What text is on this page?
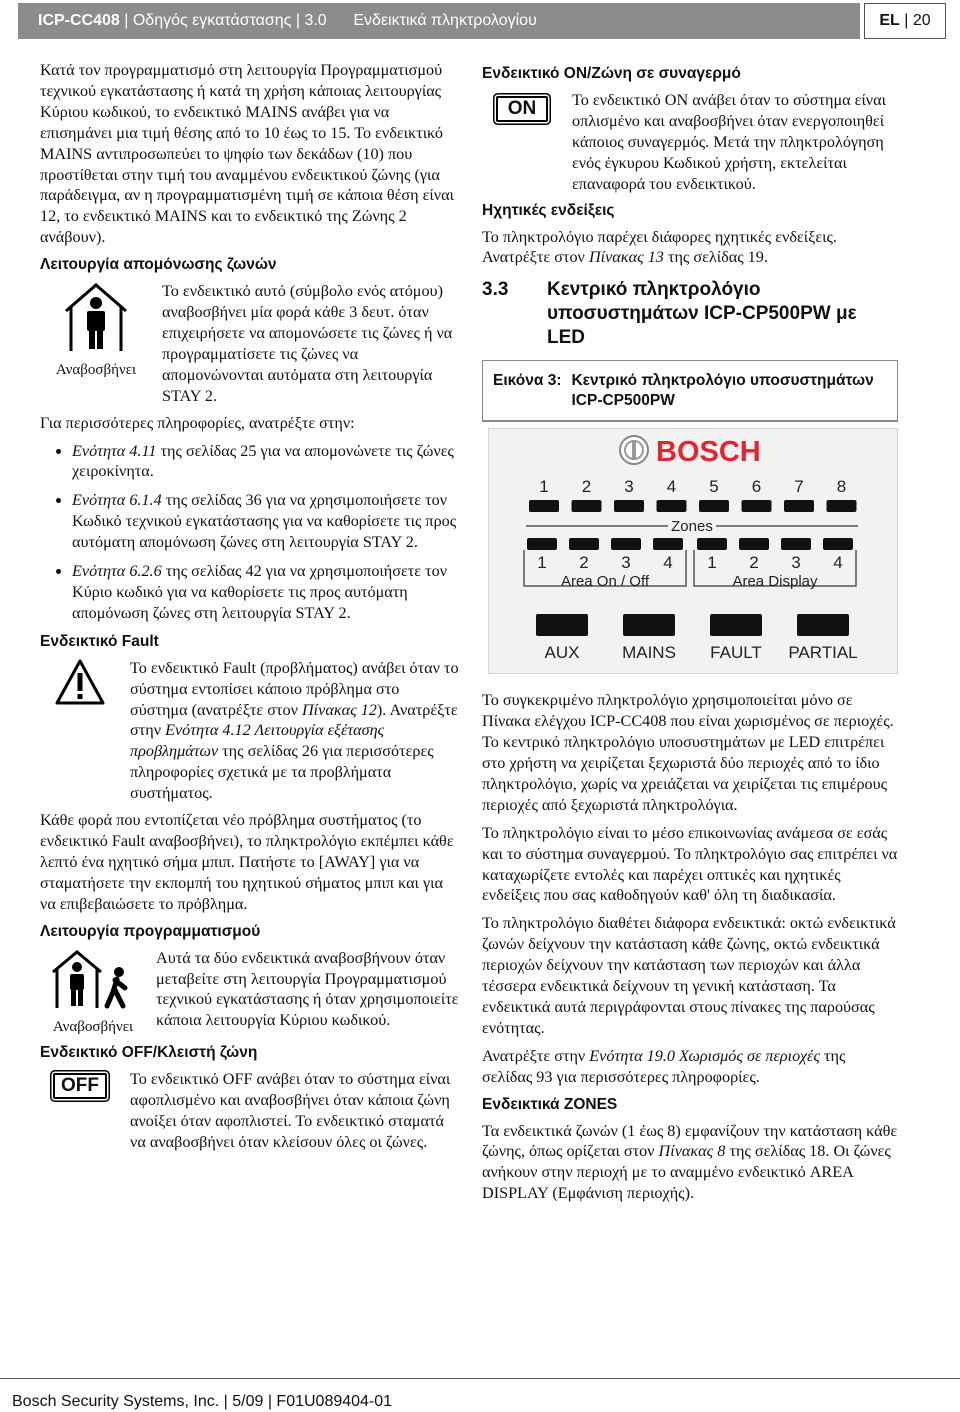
ICP-CC408 | Οδηγός εγκατάστασης | 3.0 Ενδεικτικά πληκτρολογίου	EL | 20

Κατά τον προγραμματισμό στη λειτουργία Προγραμματισμού τεχνικού εγκατάστασης ή κατά τη χρήση κάποιας λειτουργίας Κύριου κωδικού, το ενδεικτικό MAINS ανάβει για να επισημάνει μια τιμή θέσης από το 10 έως το 15. Το ενδεικτικό MAINS αντιπροσωπεύει το ψηφίο των δεκάδων (10) που προστίθεται στην τιμή του αναμμένου ενδεικτικού ζώνης (για παράδειγμα, αν η προγραμματισμένη τιμή σε κάποια θέση είναι 12, το ενδεικτικό MAINS και το ενδεικτικό της Ζώνης 2 ανάβουν).

Λειτουργία απομόνωσης ζωνών
Αναβοσβήνει
Το ενδεικτικό αυτό (σύμβολο ενός ατόμου) αναβοσβήνει μία φορά κάθε 3 δευτ. όταν επιχειρήσετε να απομονώσετε τις ζώνες ή να προγραμματίσετε τις ζώνες να απομονώνονται αυτόματα στη λειτουργία STAY 2.

Για περισσότερες πληροφορίες, ανατρέξτε στην:

• Ενότητα 4.11 της σελίδας 25 για να απομονώνετε τις ζώνες χειροκίνητα.
• Ενότητα 6.1.4 της σελίδας 36 για να χρησιμοποιήσετε τον Κωδικό τεχνικού εγκατάστασης για να καθορίσετε τις προς αυτόματη απομόνωση ζώνες στη λειτουργία STAY 2.
• Ενότητα 6.2.6 της σελίδας 42 για να χρησιμοποιήσετε τον Κύριο κωδικό για να καθορίσετε τις προς αυτόματη απομόνωση ζώνες στη λειτουργία STAY 2.
Ενδεικτικό Fault
Το ενδεικτικό Fault (προβλήματος) ανάβει όταν το σύστημα εντοπίσει κάποιο πρόβλημα στο σύστημα (ανατρέξτε στον Πίνακας 12). Ανατρέξτε στην Ενότητα 4.12 Λειτουργία εξέτασης προβλημάτων της σελίδας 26 για περισσότερες πληροφορίες σχετικά με τα προβλήματα συστήματος.

Κάθε φορά που εντοπίζεται νέο πρόβλημα συστήματος (το ενδεικτικό Fault αναβοσβήνει), το πληκτρολόγιο εκπέμπει κάθε λεπτό ένα ηχητικό σήμα μπιπ. Πατήστε το [AWAY] για να σταματήσετε την εκπομπή του ηχητικού σήματος μπιπ και για να επιβεβαιώσετε το πρόβλημα.

Λειτουργία προγραμματισμού
Αναβοσβήνει
Αυτά τα δύο ενδεικτικά αναβοσβήνουν όταν μεταβείτε στη λειτουργία Προγραμματισμού τεχνικού εγκατάστασης ή όταν χρησιμοποιείτε κάποια λειτουργία Κύριου κωδικού.
Ενδεικτικό OFF/Κλειστή ζώνη
OFF	Το ενδεικτικό OFF ανάβει όταν το σύστημα είναι αφοπλισμένο και αναβοσβήνει όταν κάποια ζώνη ανοίξει όταν αφοπλιστεί. Το ενδεικτικό σταματά να αναβοσβήνει όταν κλείσουν όλες οι ζώνες.
Ενδεικτικό ON/Ζώνη σε συναγερμό
ON	Το ενδεικτικό ON ανάβει όταν το σύστημα είναι οπλισμένο και αναβοσβήνει όταν ενεργοποιηθεί κάποιος συναγερμός. Μετά την πληκτρολόγηση ενός έγκυρου Κωδικού χρήστη, εκτελείται επαναφορά του ενδεικτικού.
Ηχητικές ενδείξεις

Το πληκτρολόγιο παρέχει διάφορες ηχητικές ενδείξεις. Ανατρέξτε στον Πίνακας 13 της σελίδας 19.

3.3	Κεντρικό πληκτρολόγιο υποσυστημάτων ICP-CP500PW με LED
Εικόνα 3: Κεντρικό πληκτρολόγιο υποσυστημάτων ICP-CP500PW
BOSCH
1 2 3 4 5 6 7 8
Zones
1 2 3 4 1 2 3 4
Area On / Off	Area Display
AUX	MAINS FAULT PARTIAL

Το συγκεκριμένο πληκτρολόγιο χρησιμοποιείται μόνο σε Πίνακα ελέγχου ICP-CC408 που είναι χωρισμένος σε περιοχές. Το κεντρικό πληκτρολόγιο υποσυστημάτων με LED επιτρέπει στο χρήστη να χειρίζεται ξεχωριστά δύο περιοχές από το ίδιο πληκτρολόγιο, χωρίς να χρειάζεται να χειρίζεται τις επιμέρους περιοχές από ξεχωριστά πληκτρολόγια.

Το πληκτρολόγιο είναι το μέσο επικοινωνίας ανάμεσα σε εσάς και το σύστημα συναγερμού. Το πληκτρολόγιο σας επιτρέπει να καταχωρίζετε εντολές και παρέχει οπτικές και ηχητικές ενδείξεις που σας καθοδηγούν καθ' όλη τη διαδικασία.

Το πληκτρολόγιο διαθέτει διάφορα ενδεικτικά: οκτώ ενδεικτικά ζωνών δείχνουν την κατάσταση κάθε ζώνης, οκτώ ενδεικτικά περιοχών δείχνουν την κατάσταση των περιοχών και άλλα τέσσερα ενδεικτικά δείχνουν τη γενική κατάσταση. Τα ενδεικτικά αυτά περιγράφονται στους πίνακες της παρούσας ενότητας.

Ανατρέξτε στην Ενότητα 19.0 Χωρισμός σε περιοχές της σελίδας 93 για περισσότερες πληροφορίες.

Ενδεικτικά ZONES

Τα ενδεικτικά ζωνών (1 έως 8) εμφανίζουν την κατάσταση κάθε ζώνης, όπως ορίζεται στον Πίνακας 8 της σελίδας 18. Οι ζώνες ανήκουν στην περιοχή με το αναμμένο ενδεικτικό AREA DISPLAY (Εμφάνιση περιοχής).

Bosch Security Systems, Inc. | 5/09 | F01U089404-01
